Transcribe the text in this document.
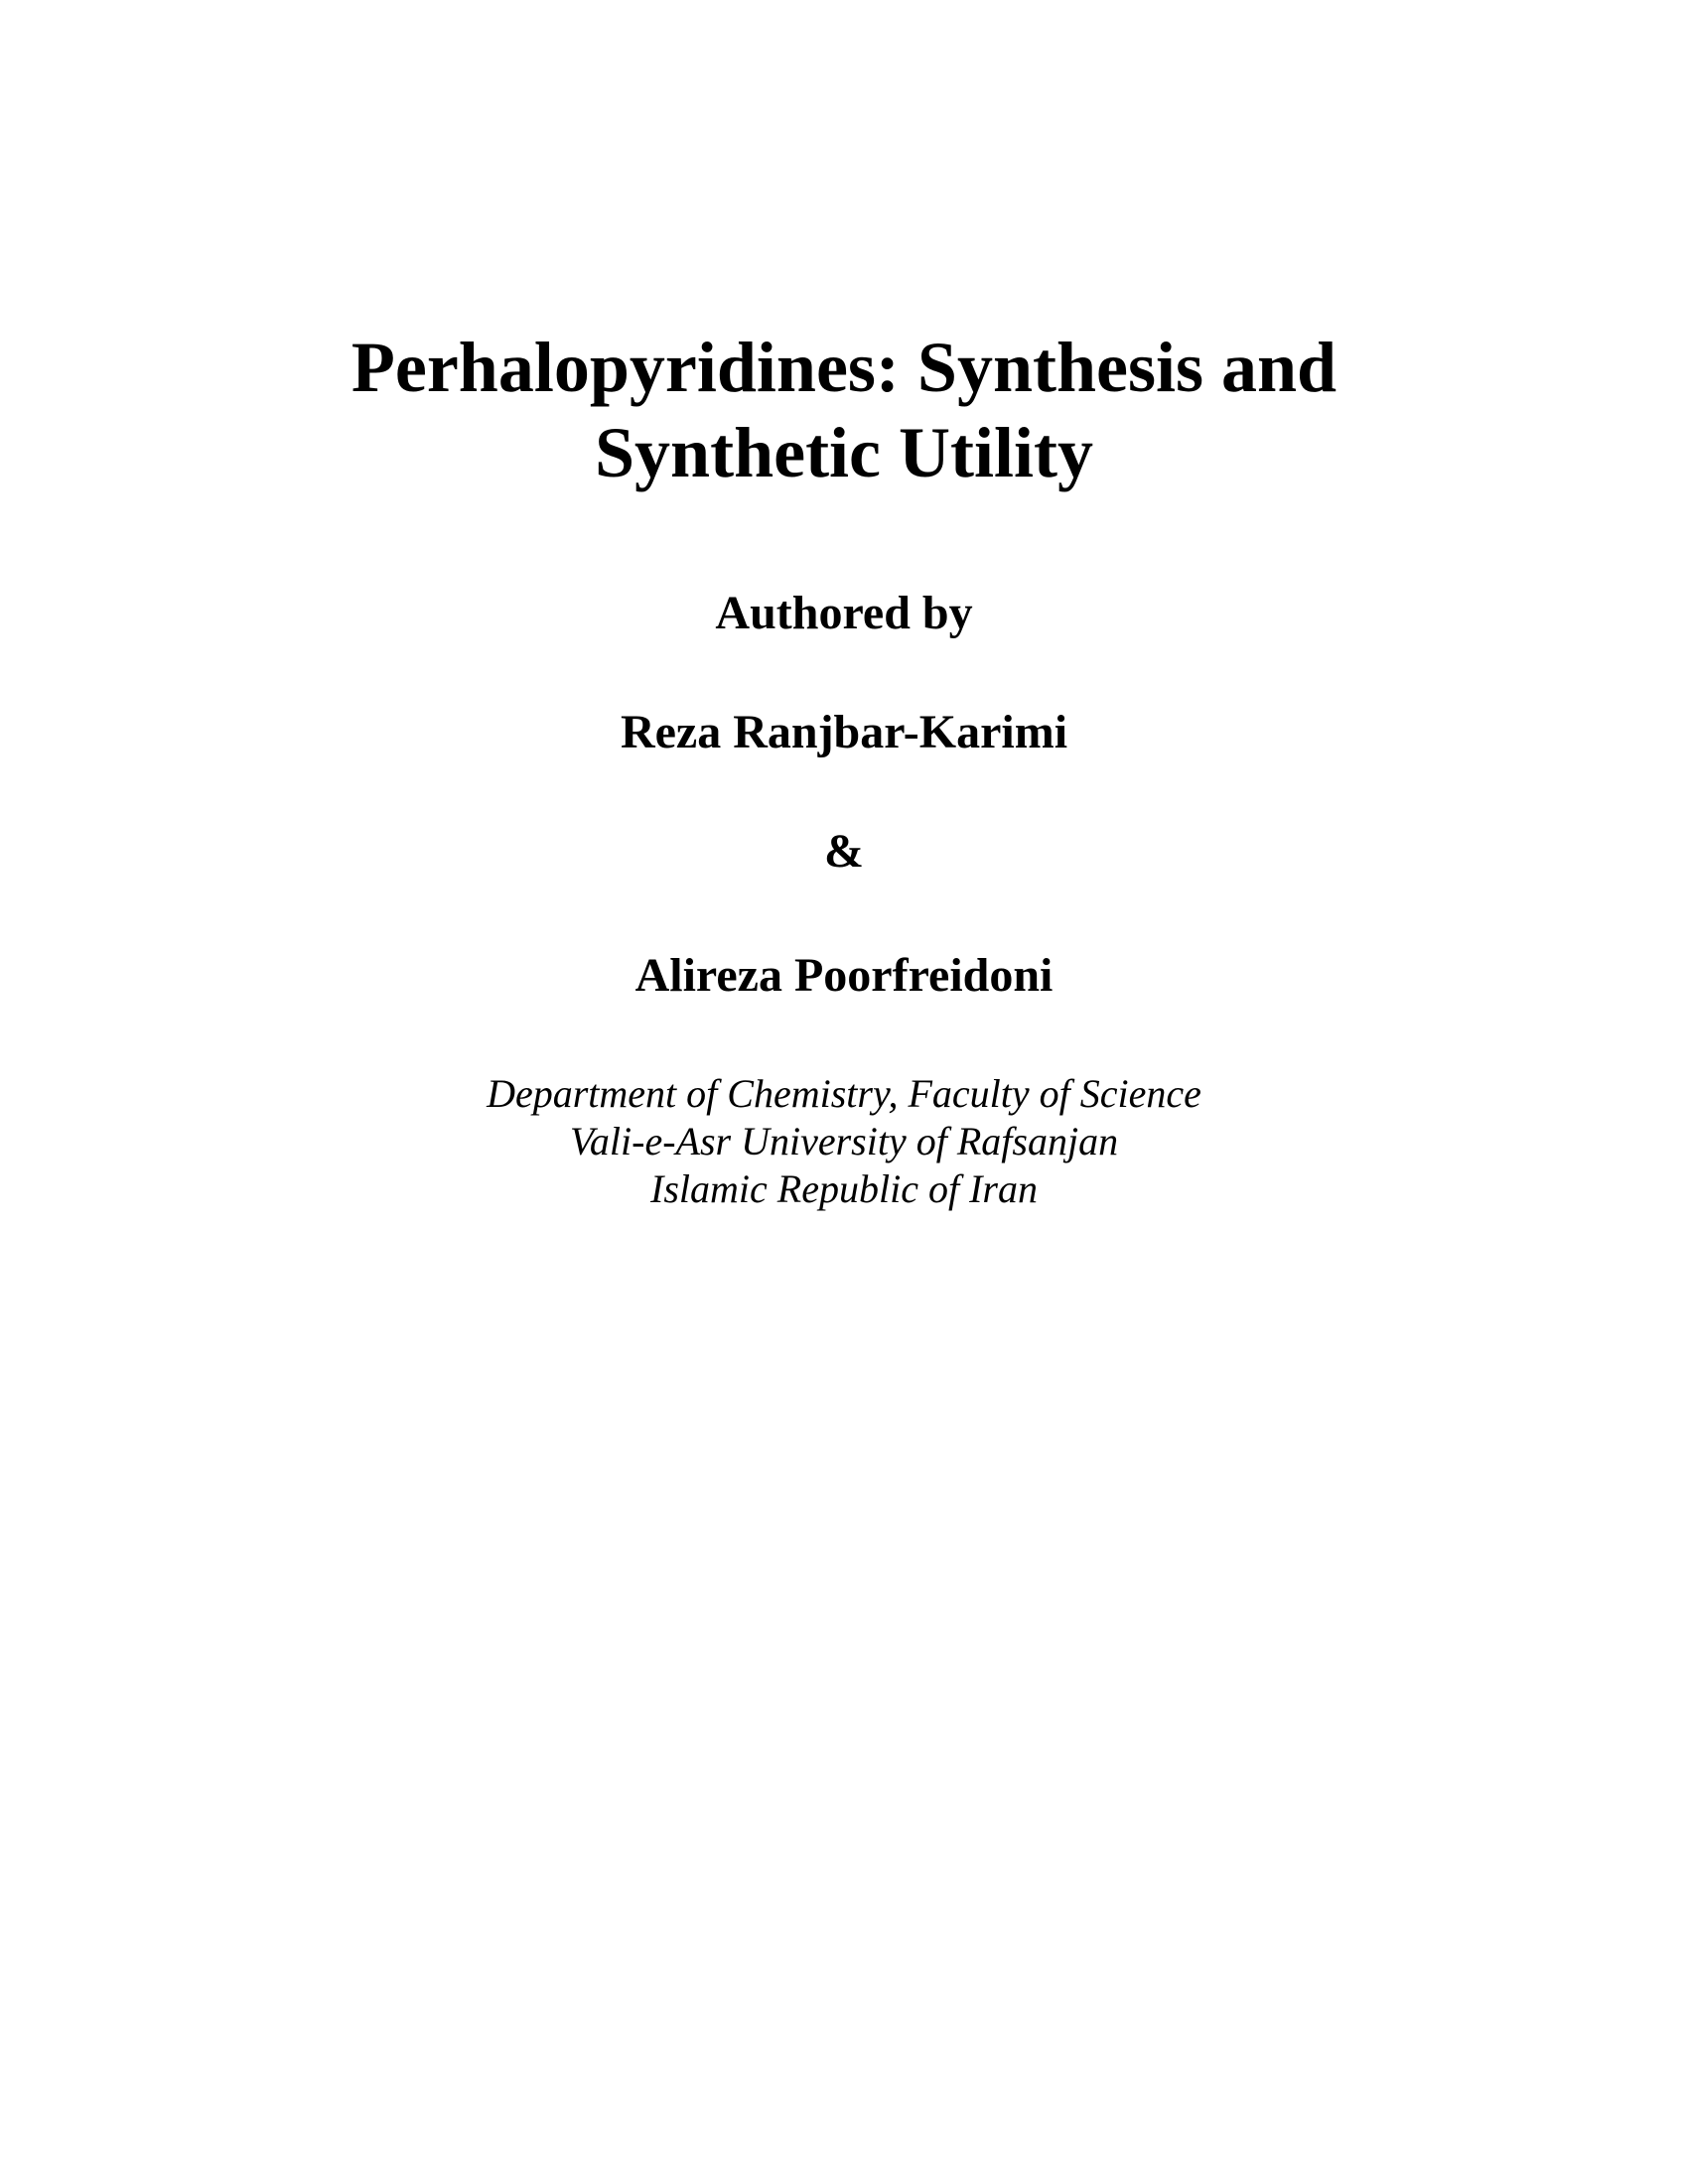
Perhalopyridines: Synthesis and
Synthetic Utility

Authored by

Reza Ranjbar-Karimi

&

Alireza Poorfreidoni

Department of Chemistry, Faculty of Science

Vali-e-Asr University of Rafsanjan

Islamic Republic of Iran
